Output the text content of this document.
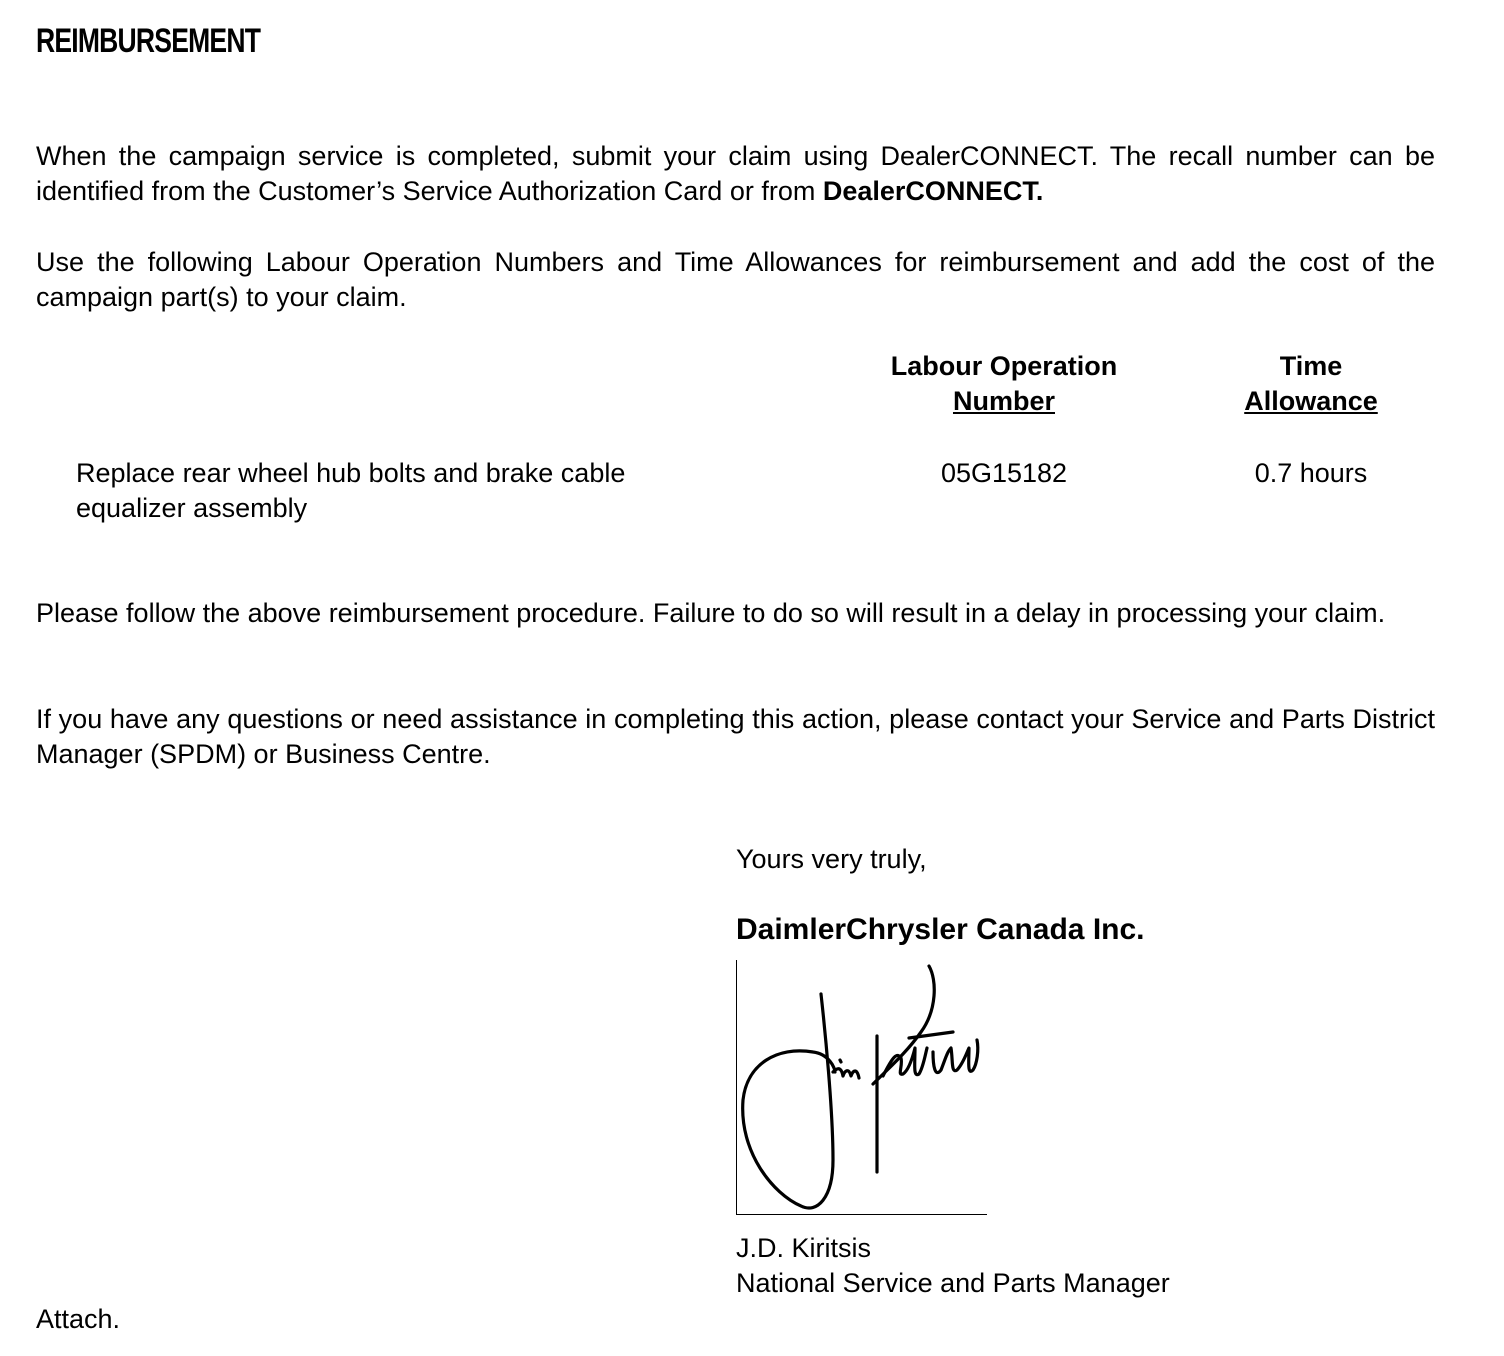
REIMBURSEMENT

When the campaign service is completed, submit your claim using DealerCONNECT. The recall number can be identified from the Customer’s Service Authorization Card or from DealerCONNECT.

Use the following Labour Operation Numbers and Time Allowances for reimbursement and add the cost of the campaign part(s) to your claim.

Labour Operation
Number
Time
Allowance
Replace rear wheel hub bolts and brake cable equalizer assembly
05G15182	0.7 hours

Please follow the above reimbursement procedure. Failure to do so will result in a delay in processing your claim.

If you have any questions or need assistance in completing this action, please contact your Service and Parts District Manager (SPDM) or Business Centre.

Yours very truly,
DaimlerChrysler Canada Inc.
J.D. Kiritsis
National Service and Parts Manager
Attach.
